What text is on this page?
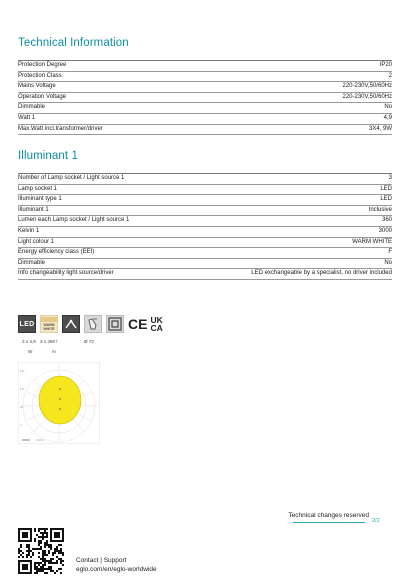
Technical Information
Protection Degree	IP20
Protection Class	2
Mains Voltage	220-230V,50/60Hz
Operation Voltage	220-230V,50/60Hz
Dimmable	No
Watt 1	4,9
Max.Watt incl.transformer/driver	3X4, 9W
Illuminant 1
Number of Lamp socket / Light source 1	3
Lamp socket 1	LED
Illuminant type 1	LED
Illuminant 1	Inclusive
Lumen each Lamp socket / Light source 1	360
Kelvin 1	3000
Light colour 1	WARM WHITE
Energy efficiency class (EEI)	F
Dimmable	No
Info changeability light source/driver	LED exchangeable by a specialist, no driver included
LED	WARM
WHITE	CE UK
CA
3 x 4,9
W
3 x 360 l
m
Ø 72
180
120
60
0
Technical changes reserved
2/2
Contact | Support
eglo.com/en/eglo-worldwide
